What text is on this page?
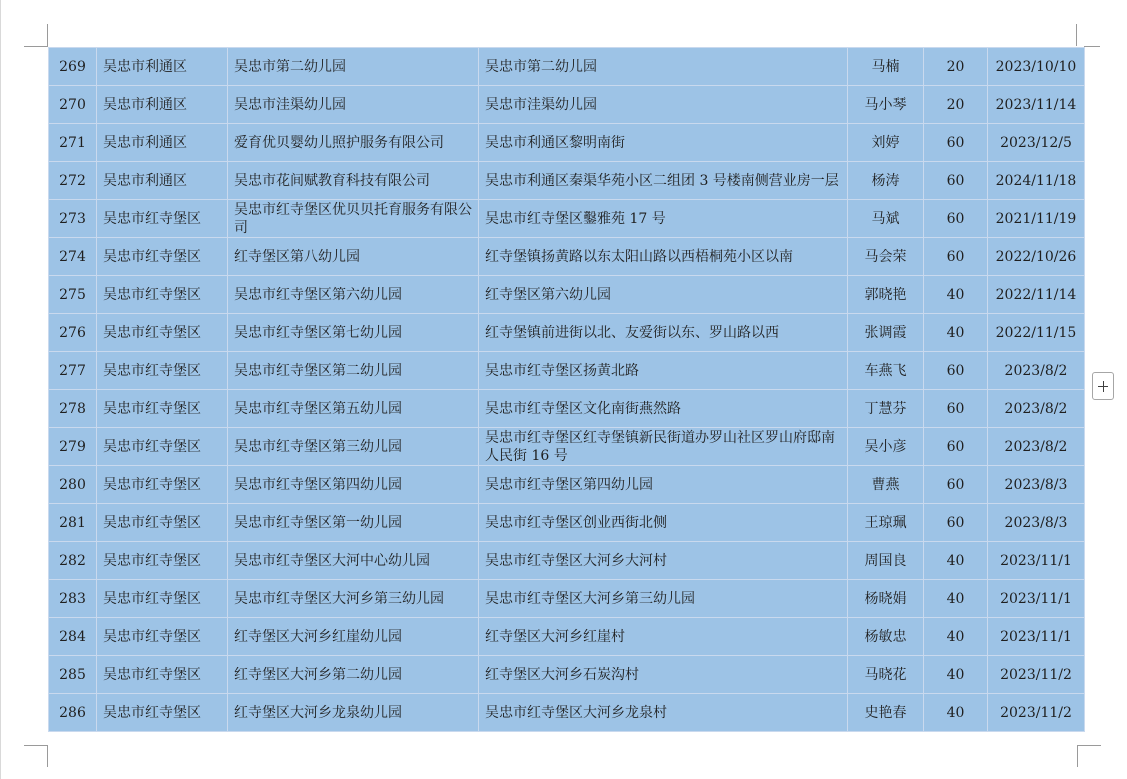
269	吴忠市利通区	吴忠市第二幼儿园	吴忠市第二幼儿园	马楠	20	2023/10/10
270	吴忠市利通区	吴忠市洼渠幼儿园	吴忠市洼渠幼儿园	马小琴	20	2023/11/14
271	吴忠市利通区	爱育优贝婴幼儿照护服务有限公司	吴忠市利通区黎明南街	刘婷	60	2023/12/5
272	吴忠市利通区	吴忠市花间赋教育科技有限公司	吴忠市利通区秦渠华苑小区二组团 3 号楼南侧营业房一层	杨涛	60	2024/11/18
273	吴忠市红寺堡区	吴忠市红寺堡区优贝贝托育服务有限公司	吴忠市红寺堡区鑿雅苑 17 号	马斌	60	2021/11/19
274	吴忠市红寺堡区	红寺堡区第八幼儿园	红寺堡镇扬黄路以东太阳山路以西梧桐苑小区以南	马会荣	60	2022/10/26
275	吴忠市红寺堡区	吴忠市红寺堡区第六幼儿园	红寺堡区第六幼儿园	郭晓艳	40	2022/11/14
276	吴忠市红寺堡区	吴忠市红寺堡区第七幼儿园	红寺堡镇前进街以北、友爱街以东、罗山路以西	张调霞	40	2022/11/15
277	吴忠市红寺堡区	吴忠市红寺堡区第二幼儿园	吴忠市红寺堡区扬黄北路	车燕飞	60	2023/8/2
278	吴忠市红寺堡区	吴忠市红寺堡区第五幼儿园	吴忠市红寺堡区文化南街燕然路	丁慧芬	60	2023/8/2
279	吴忠市红寺堡区	吴忠市红寺堡区第三幼儿园	吴忠市红寺堡区红寺堡镇新民街道办罗山社区罗山府邸南人民街 16 号	吴小彦	60	2023/8/2
280	吴忠市红寺堡区	吴忠市红寺堡区第四幼儿园	吴忠市红寺堡区第四幼儿园	曹燕	60	2023/8/3
281	吴忠市红寺堡区	吴忠市红寺堡区第一幼儿园	吴忠市红寺堡区创业西街北侧	王琼珮	60	2023/8/3
282	吴忠市红寺堡区	吴忠市红寺堡区大河中心幼儿园	吴忠市红寺堡区大河乡大河村	周国良	40	2023/11/1
283	吴忠市红寺堡区	吴忠市红寺堡区大河乡第三幼儿园	吴忠市红寺堡区大河乡第三幼儿园	杨晓娟	40	2023/11/1
284	吴忠市红寺堡区	红寺堡区大河乡红崖幼儿园	红寺堡区大河乡红崖村	杨敏忠	40	2023/11/1
285	吴忠市红寺堡区	红寺堡区大河乡第二幼儿园	红寺堡区大河乡石炭沟村	马晓花	40	2023/11/2
286	吴忠市红寺堡区	红寺堡区大河乡龙泉幼儿园	吴忠市红寺堡区大河乡龙泉村	史艳春	40	2023/11/2
